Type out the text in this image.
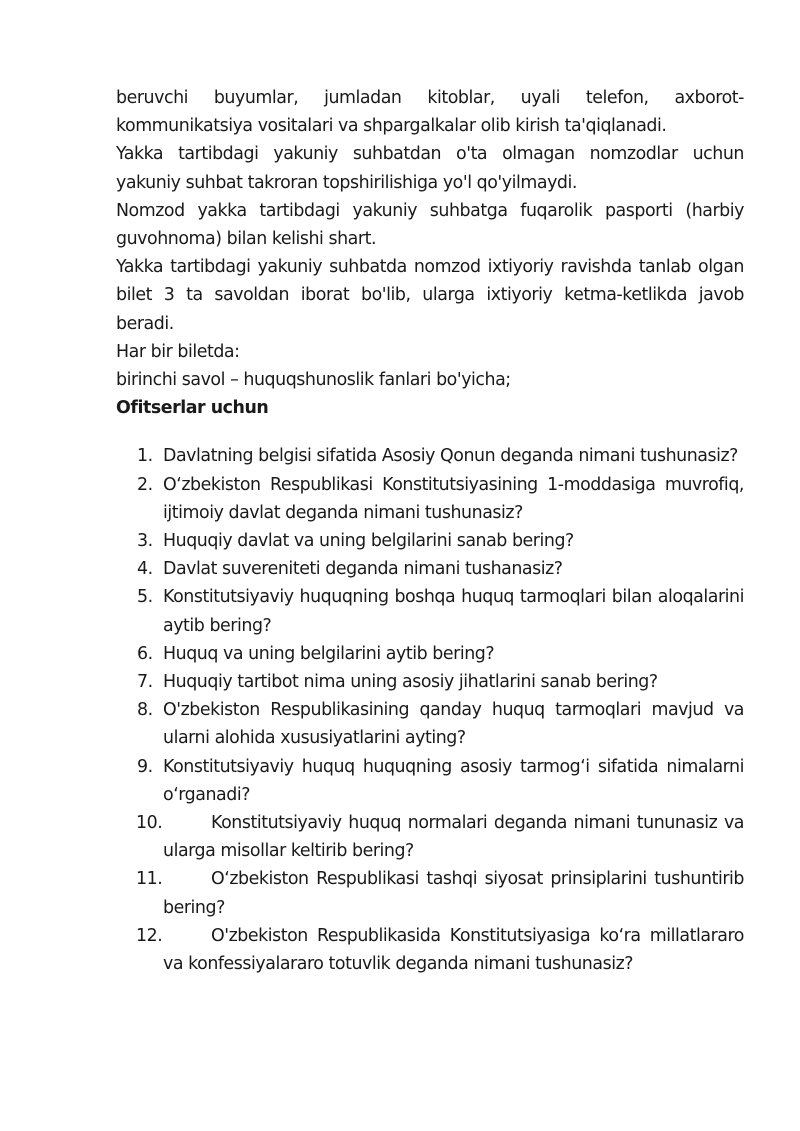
beruvchi buyumlar, jumladan kitoblar, uyali telefon, axborot-kommunikatsiya vositalari va shpargalkalar olib kirish ta'qiqlanadi.

Yakka tartibdagi yakuniy suhbatdan o'ta olmagan nomzodlar uchun yakuniy suhbat takroran topshirilishiga yo'l qo'yilmaydi.

Nomzod yakka tartibdagi yakuniy suhbatga fuqarolik pasporti (harbiy guvohnoma) bilan kelishi shart.

Yakka tartibdagi yakuniy suhbatda nomzod ixtiyoriy ravishda tanlab olgan bilet 3 ta savoldan iborat bo'lib, ularga ixtiyoriy ketma-ketlikda javob beradi.

Har bir biletda:

birinchi savol – huquqshunoslik fanlari bo'yicha;

Ofitserlar uchun

1. Davlatning belgisi sifatida Asosiy Qonun deganda nimani tushunasiz?
2. O‘zbekiston Respublikasi Konstitutsiyasining 1-moddasiga muvrofiq, ijtimoiy davlat deganda nimani tushunasiz?
3. Huquqiy davlat va uning belgilarini sanab bering?
4. Davlat suvereniteti deganda nimani tushanasiz?
5. Konstitutsiyaviy huquqning boshqa huquq tarmoqlari bilan aloqalarini aytib bering?
6. Huquq va uning belgilarini aytib bering?
7. Huquqiy tartibot nima uning asosiy jihatlarini sanab bering?
8. O'zbekiston Respublikasining qanday huquq tarmoqlari mavjud va ularni alohida xususiyatlarini ayting?
9. Konstitutsiyaviy huquq huquqning asosiy tarmog‘i sifatida nimalarni o‘rganadi?
10.	Konstitutsiyaviy huquq normalari deganda nimani tununasiz va ularga misollar keltirib bering?
11.	O‘zbekiston Respublikasi tashqi siyosat prinsiplarini tushuntirib bering?
12.	O'zbekiston Respublikasida Konstitutsiyasiga ko‘ra millatlararo va konfessiyalararo totuvlik deganda nimani tushunasiz?
